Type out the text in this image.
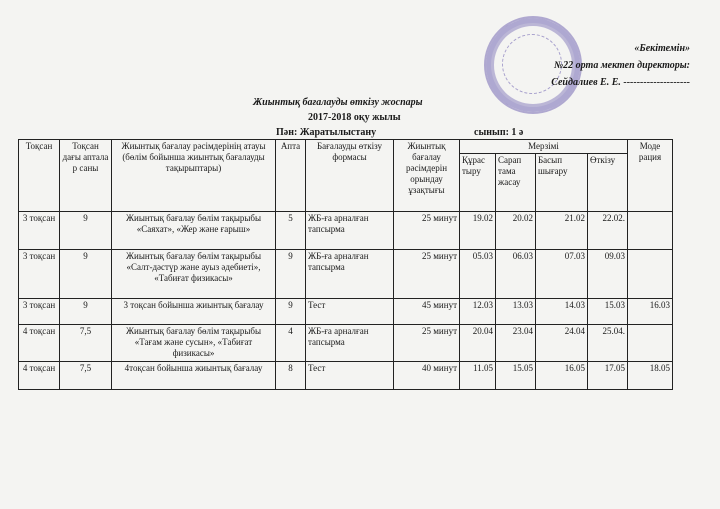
«Бекітемін»
№22 орта мектеп директоры:
Сейдалиев Е. Е. --------------------
Жиынтық бағалауды өткізу жоспары
2017-2018 оқу жылы
Пән: Жаратылыстану	сынып: 1 ә
Тоқсан	Тоқсан дағы аптала р саны	Жиынтық бағалау рәсімдерінің атауы (бөлім бойынша жиынтық бағалауды тақырыптары)	Апта	Бағалауды өткізу формасы	Жиынтық бағалау рәсімдерін орындау ұзақтығы	Мерзімі				Моде рация
						Құрас тыру	Сарап тама жасау	Басып шығару	Өткізу	
3 тоқсан	9	Жиынтық бағалау бөлім тақырыбы «Саяхат», «Жер және ғарыш»	5	ЖБ-ға арналған тапсырма	25 минут	19.02	20.02	21.02	22.02.	
3 тоқсан	9	Жиынтық бағалау бөлім тақырыбы «Салт-дәстүр және ауыз әдебиеті», «Табиғат физикасы»	9	ЖБ-ға арналған тапсырма	25 минут	05.03	06.03	07.03	09.03	
3 тоқсан	9	3 тоқсан бойынша жиынтық бағалау	9	Тест	45 минут	12.03	13.03	14.03	15.03	16.03
4 тоқсан	7,5	Жиынтық бағалау бөлім тақырыбы «Тағам және сусын», «Табиғат физикасы»	4	ЖБ-ға арналған тапсырма	25 минут	20.04	23.04	24.04	25.04.	
4 тоқсан	7,5	4тоқсан бойынша жиынтық бағалау	8	Тест	40 минут	11.05	15.05	16.05	17.05	18.05
